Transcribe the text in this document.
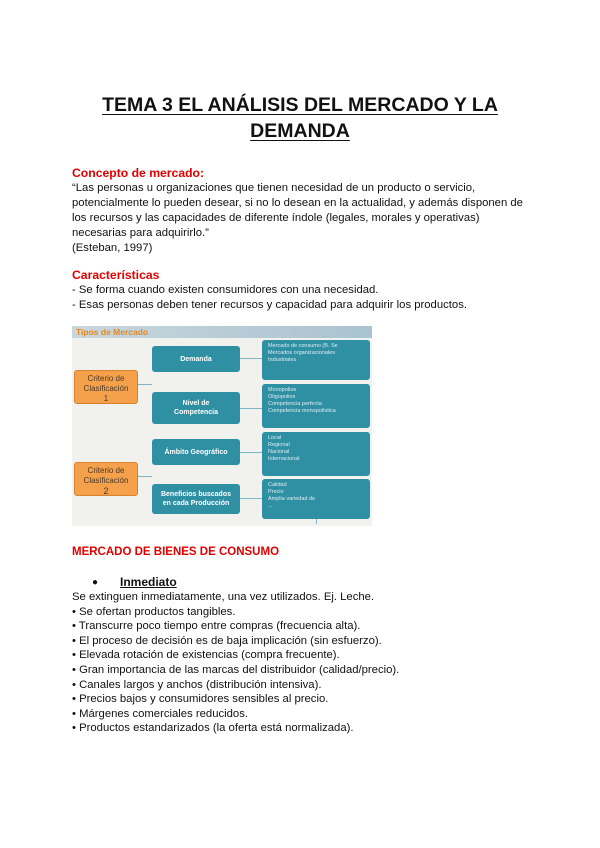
TEMA 3 EL ANÁLISIS DEL MERCADO Y LA
DEMANDA
Concepto de mercado:
“Las personas u organizaciones que tienen necesidad de un producto o servicio,
potencialmente lo pueden desear, si no lo desean en la actualidad, y además disponen de
los recursos y las capacidades de diferente índole (legales, morales y operativas)
necesarias para adquirirlo.”
(Esteban, 1997)
Características
- Se forma cuando existen consumidores con una necesidad.
- Esas personas deben tener recursos y capacidad para adquirir los productos.
Tipos de Mercado
Criterio de
Clasificación
1
Criterio de
Clasificación
2
Demanda
Nivel de
Competencia
Ámbito Geográfico
Beneficios buscados
en cada Producción
Mercado de consumo (B. Se
Mercados organizacionales
Industriales
Monopolios
Oligopolios
Competencia perfecta
Competencia monopolística
Local
Regional
Nacional
Internacional
Calidad
Precio
Amplia variedad de
...
MERCADO DE BIENES DE CONSUMO
● Inmediato
Se extinguen inmediatamente, una vez utilizados. Ej. Leche.
• Se ofertan productos tangibles.
• Transcurre poco tiempo entre compras (frecuencia alta).
• El proceso de decisión es de baja implicación (sin esfuerzo).
• Elevada rotación de existencias (compra frecuente).
• Gran importancia de las marcas del distribuidor (calidad/precio).
• Canales largos y anchos (distribución intensiva).
• Precios bajos y consumidores sensibles al precio.
• Márgenes comerciales reducidos.
• Productos estandarizados (la oferta está normalizada).
